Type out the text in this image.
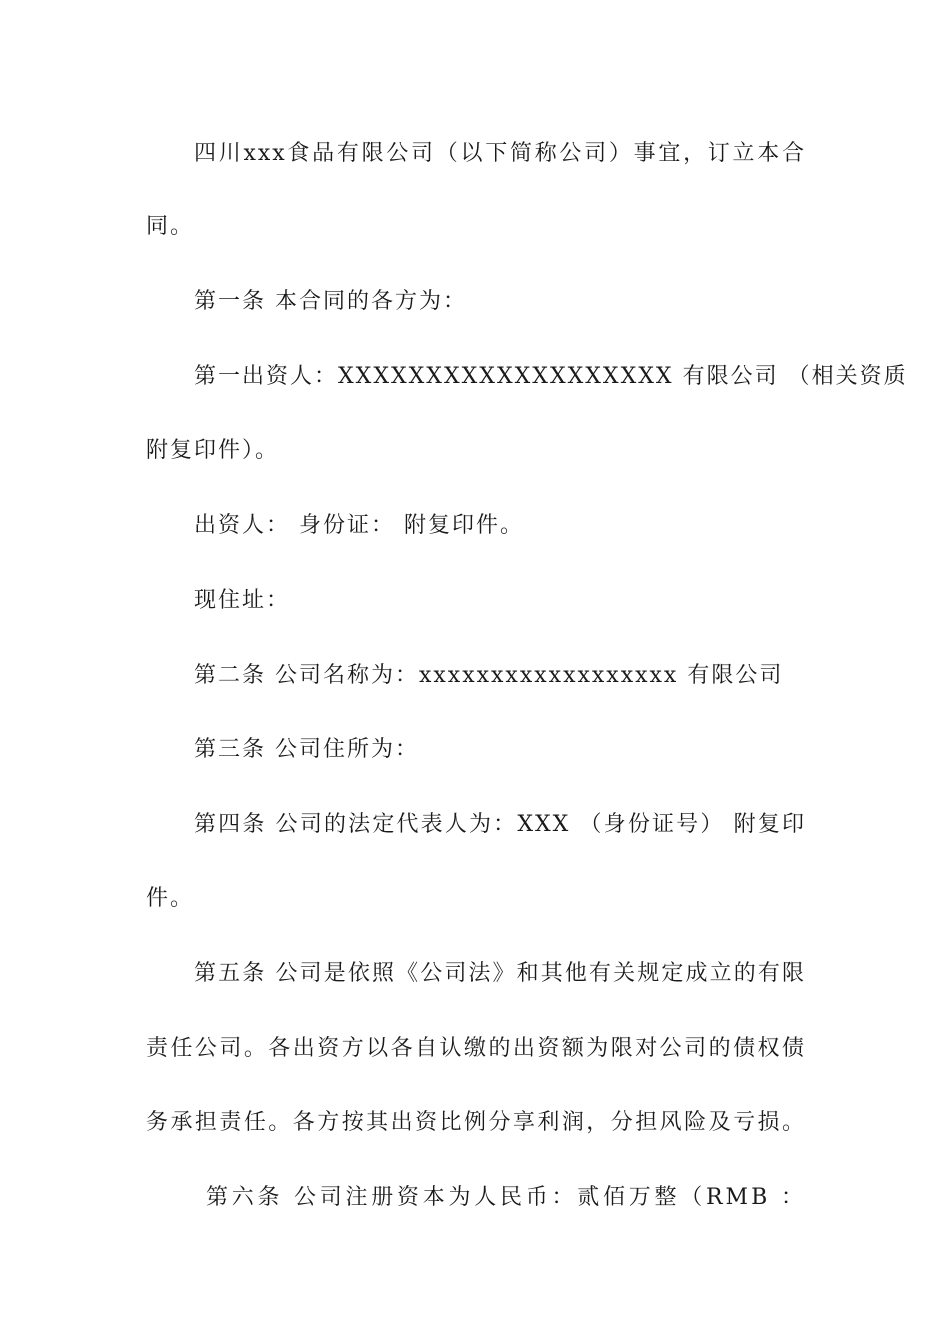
四川xxx食品有限公司（以下简称公司）事宜，订立本合
同。
第一条 本合同的各方为：
第一出资人：XXXXXXXXXXXXXXXXXXX 有限公司 （相关资质
附复印件）。
出资人： 身份证： 附复印件。
现住址：
第二条 公司名称为：xxxxxxxxxxxxxxxxxx 有限公司
第三条 公司住所为：
第四条 公司的法定代表人为：XXX （身份证号） 附复印
件。
第五条 公司是依照《公司法》和其他有关规定成立的有限
责任公司。各出资方以各自认缴的出资额为限对公司的债权债
务承担责任。各方按其出资比例分享利润，分担风险及亏损。
第六条 公司注册资本为人民币：贰佰万整（RMB ：
